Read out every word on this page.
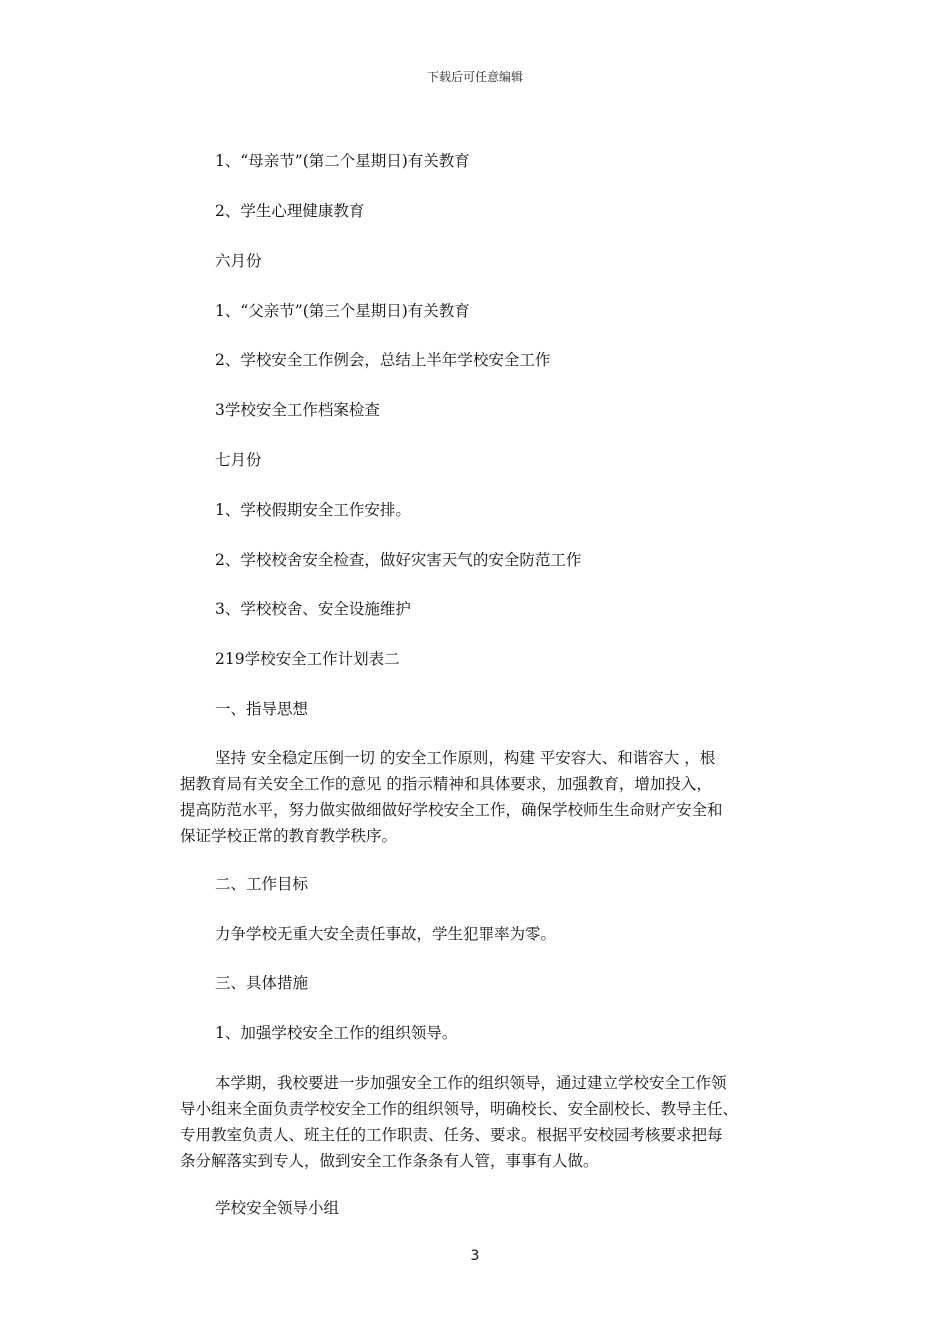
下载后可任意编辑
1、“母亲节”(第二个星期日)有关教育
2、学生心理健康教育
六月份
1、“父亲节”(第三个星期日)有关教育
2、学校安全工作例会，总结上半年学校安全工作
3学校安全工作档案检查
七月份
1、学校假期安全工作安排。
2、学校校舍安全检查，做好灾害天气的安全防范工作
3、学校校舍、安全设施维护
219学校安全工作计划表二
一、指导思想
坚持 安全稳定压倒一切 的安全工作原则，构建 平安容大、和谐容大 ，根
据教育局有关安全工作的意见 的指示精神和具体要求，加强教育，增加投入，
提高防范水平，努力做实做细做好学校安全工作，确保学校师生生命财产安全和
保证学校正常的教育教学秩序。
二、工作目标
力争学校无重大安全责任事故，学生犯罪率为零。
三、具体措施
1、加强学校安全工作的组织领导。
本学期，我校要进一步加强安全工作的组织领导，通过建立学校安全工作领
导小组来全面负责学校安全工作的组织领导，明确校长、安全副校长、教导主任、
专用教室负责人、班主任的工作职责、任务、要求。根据平安校园考核要求把每
条分解落实到专人，做到安全工作条条有人管，事事有人做。
学校安全领导小组
3
